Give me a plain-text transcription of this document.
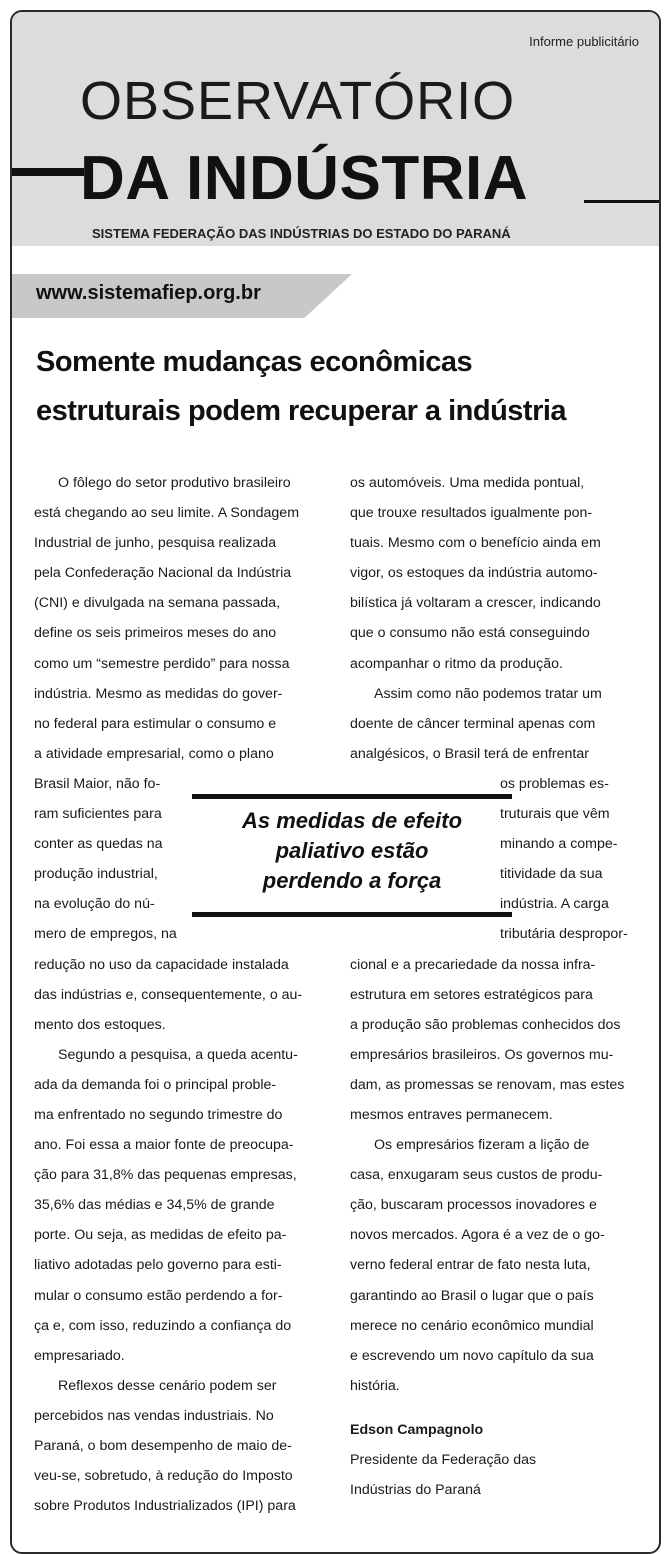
Informe publicitário
OBSERVATÓRIO
DA INDÚSTRIA
SISTEMA FEDERAÇÃO DAS INDÚSTRIAS DO ESTADO DO PARANÁ
www.sistemafiep.org.br
Somente mudanças econômicas
estruturais podem recuperar a indústria
O fôlego do setor produtivo brasileiro
está chegando ao seu limite. A Sondagem
Industrial de junho, pesquisa realizada
pela Confederação Nacional da Indústria
(CNI) e divulgada na semana passada,
define os seis primeiros meses do ano
como um “semestre perdido” para nossa
indústria. Mesmo as medidas do gover-
no federal para estimular o consumo e
a atividade empresarial, como o plano
Brasil Maior, não fo-
ram suficientes para
conter as quedas na
produção industrial,
na evolução do nú-
mero de empregos, na
redução no uso da capacidade instalada
das indústrias e, consequentemente, o au-
mento dos estoques.
Segundo a pesquisa, a queda acentu-
ada da demanda foi o principal proble-
ma enfrentado no segundo trimestre do
ano. Foi essa a maior fonte de preocupa-
ção para 31,8% das pequenas empresas,
35,6% das médias e 34,5% de grande
porte. Ou seja, as medidas de efeito pa-
liativo adotadas pelo governo para esti-
mular o consumo estão perdendo a for-
ça e, com isso, reduzindo a confiança do
empresariado.
Reflexos desse cenário podem ser
percebidos nas vendas industriais. No
Paraná, o bom desempenho de maio de-
veu-se, sobretudo, à redução do Imposto
sobre Produtos Industrializados (IPI) para
os automóveis. Uma medida pontual,
que trouxe resultados igualmente pon-
tuais. Mesmo com o benefício ainda em
vigor, os estoques da indústria automo-
bilística já voltaram a crescer, indicando
que o consumo não está conseguindo
acompanhar o ritmo da produção.
Assim como não podemos tratar um
doente de câncer terminal apenas com
analgésicos, o Brasil terá de enfrentar
os problemas es-
truturais que vêm
minando a compe-
titividade da sua
indústria. A carga
tributária despropor-
cional e a precariedade da nossa infra-
estrutura em setores estratégicos para
a produção são problemas conhecidos dos
empresários brasileiros. Os governos mu-
dam, as promessas se renovam, mas estes
mesmos entraves permanecem.
Os empresários fizeram a lição de
casa, enxugaram seus custos de produ-
ção, buscaram processos inovadores e
novos mercados. Agora é a vez de o go-
verno federal entrar de fato nesta luta,
garantindo ao Brasil o lugar que o país
merece no cenário econômico mundial
e escrevendo um novo capítulo da sua
história.
Edson Campagnolo
Presidente da Federação das
Indústrias do Paraná
As medidas de efeito
paliativo estão
perdendo a força
